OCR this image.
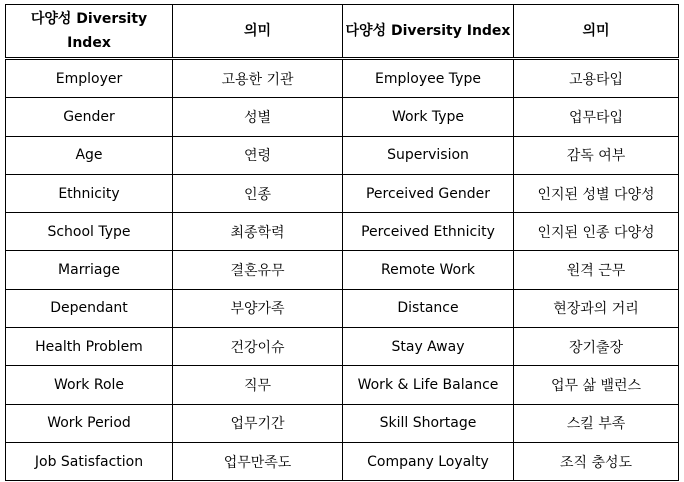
다양성 Diversity Index	의미	다양성 Diversity Index	의미
Employer	고용한 기관	Employee Type	고용타입
Gender	성별	Work Type	업무타입
Age	연령	Supervision	감독 여부
Ethnicity	인종	Perceived Gender	인지된 성별 다양성
School Type	최종학력	Perceived Ethnicity	인지된 인종 다양성
Marriage	결혼유무	Remote Work	원격 근무
Dependant	부양가족	Distance	현장과의 거리
Health Problem	건강이슈	Stay Away	장기출장
Work Role	직무	Work & Life Balance	업무 삶 밸런스
Work Period	업무기간	Skill Shortage	스킬 부족
Job Satisfaction	업무만족도	Company Loyalty	조직 충성도
